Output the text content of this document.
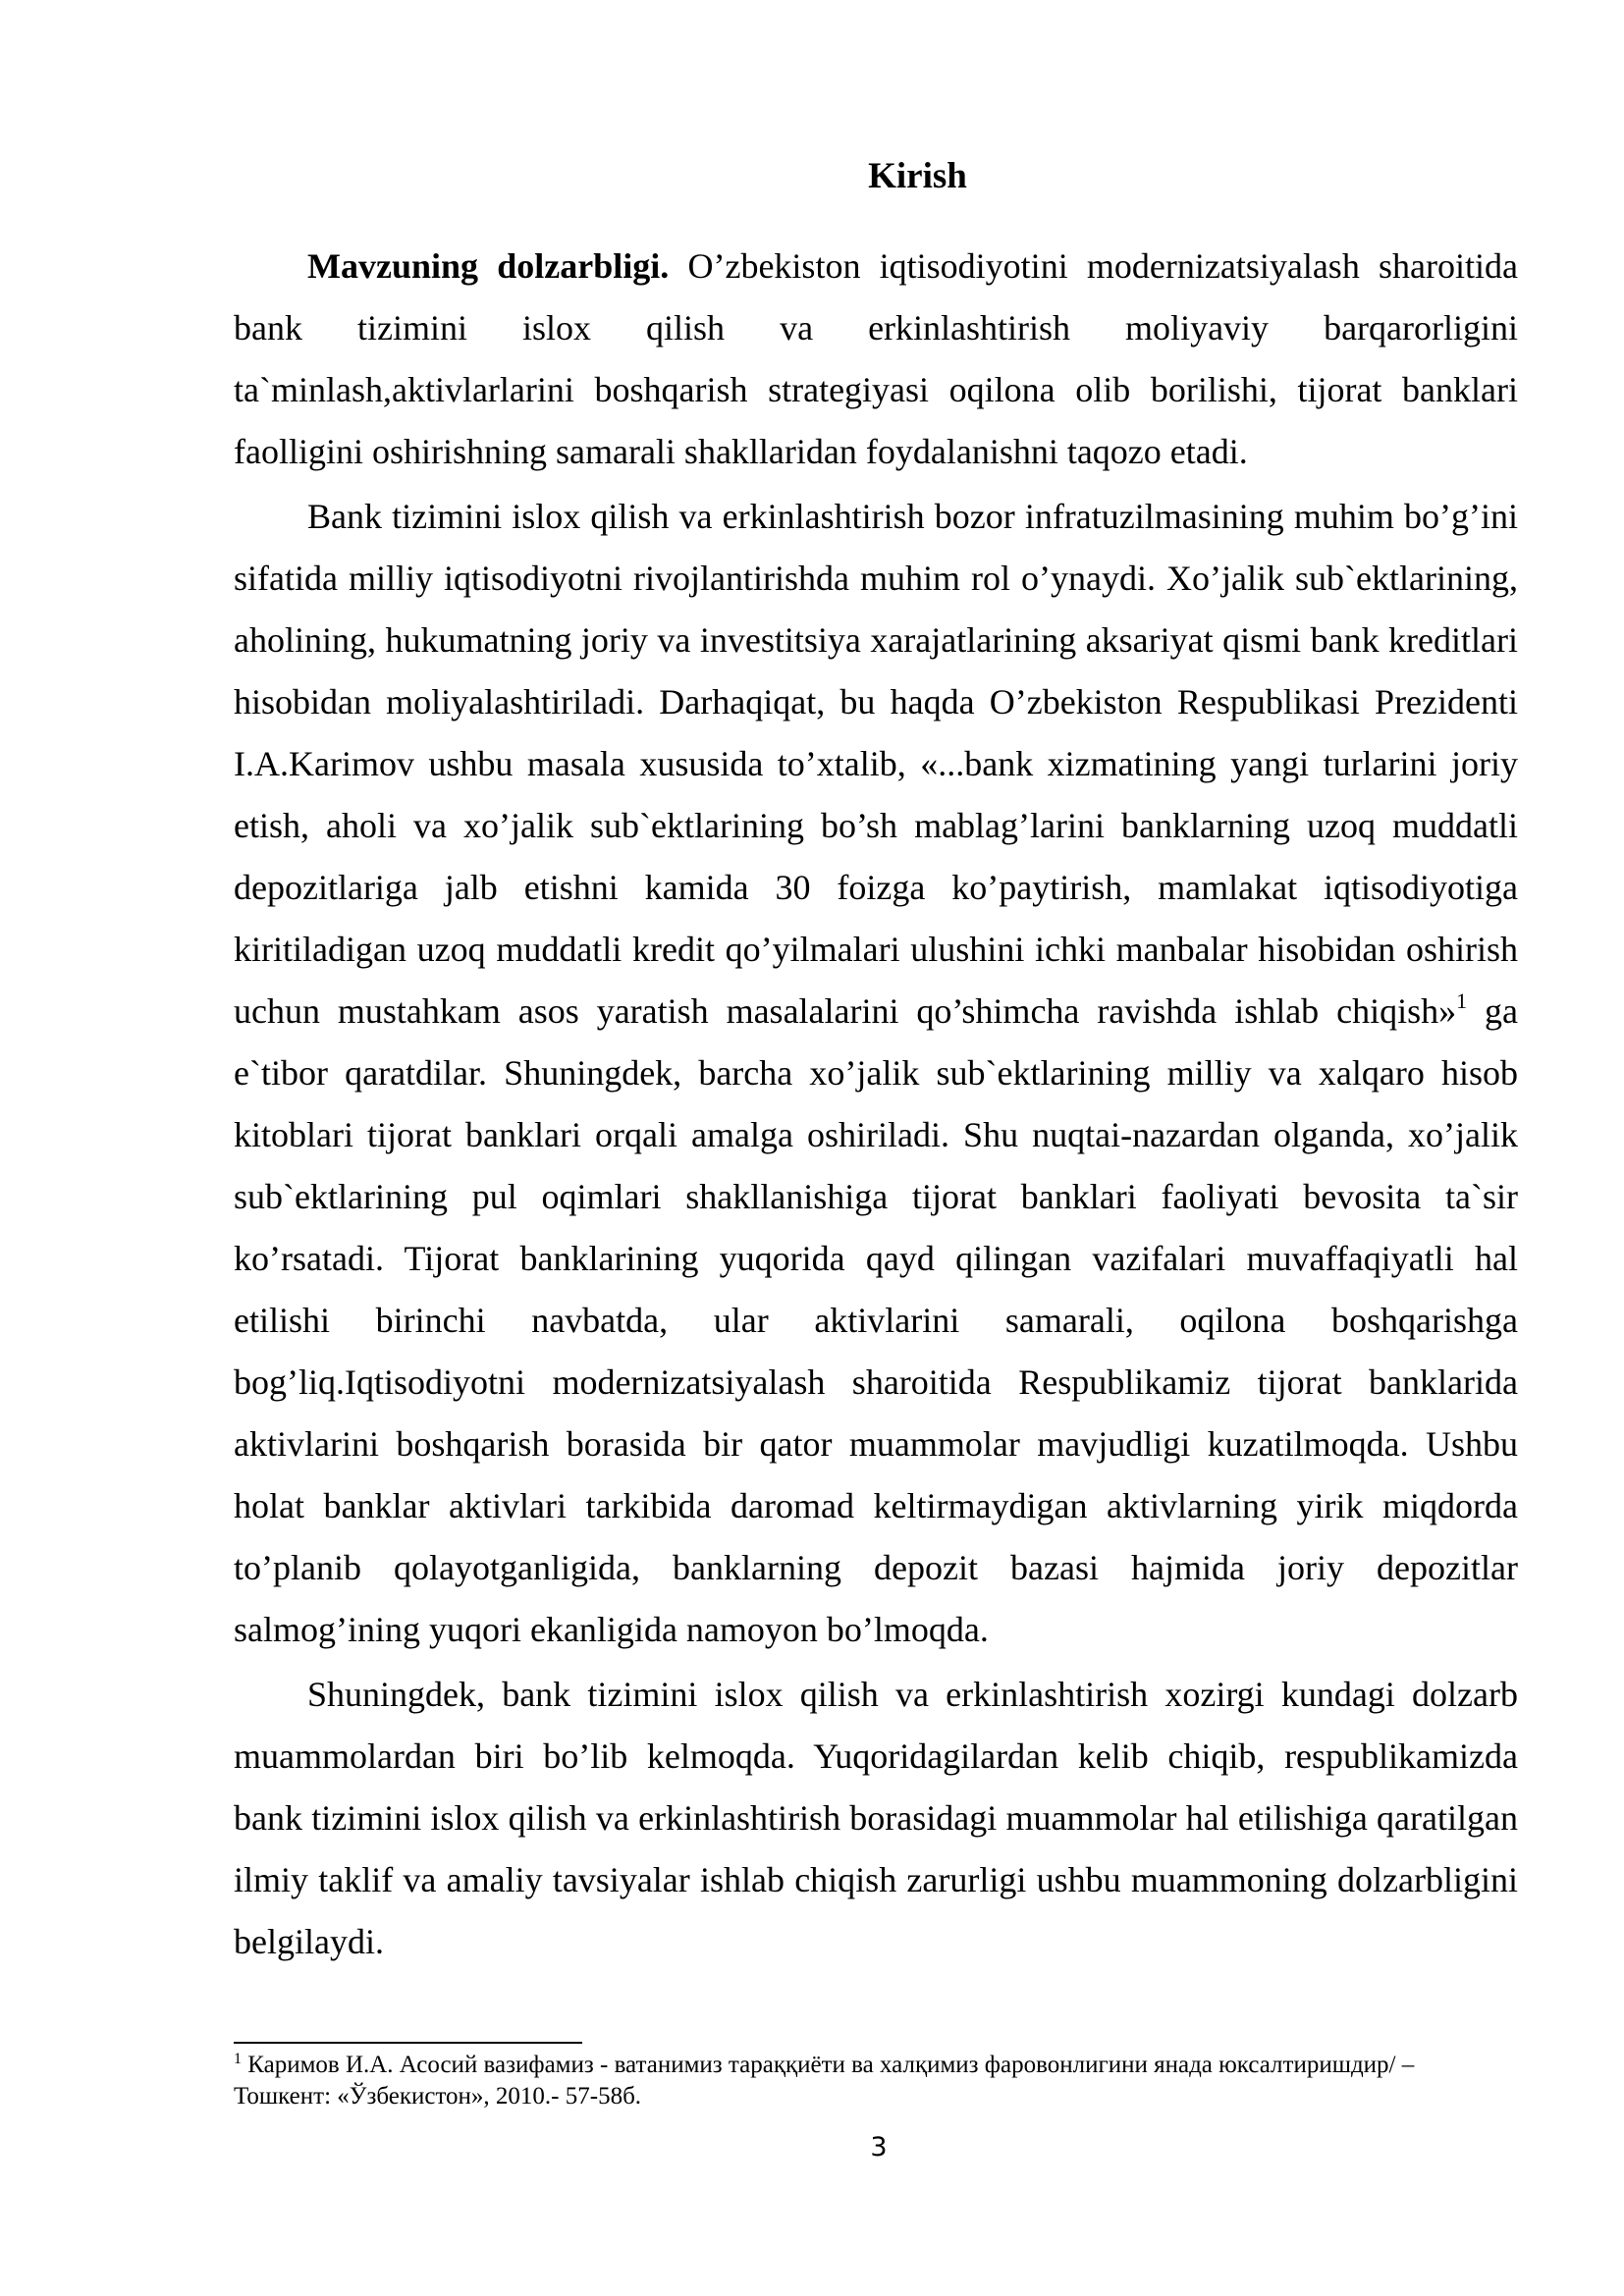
Kirish

Mavzuning dolzarbligi. O’zbekiston iqtisodiyotini modernizatsiyalash sharoitida bank tizimini islox qilish va erkinlashtirish moliyaviy barqarorligini ta`minlash,aktivlarlarini boshqarish strategiyasi oqilona olib borilishi, tijorat banklari faolligini oshirishning samarali shakllaridan foydalanishni taqozo etadi.

Bank tizimini islox qilish va erkinlashtirish bozor infratuzilmasining muhim bo’g’ini sifatida milliy iqtisodiyotni rivojlantirishda muhim rol o’ynaydi. Xo’jalik sub`ektlarining, aholining, hukumatning joriy va investitsiya xarajatlarining aksariyat qismi bank kreditlari hisobidan moliyalashtiriladi. Darhaqiqat, bu haqda O’zbekiston Respublikasi Prezidenti I.A.Karimov ushbu masala xususida to’xtalib, «...bank xizmatining yangi turlarini joriy etish, aholi va xo’jalik sub`ektlarining bo’sh mablag’larini banklarning uzoq muddatli depozitlariga jalb etishni kamida 30 foizga ko’paytirish, mamlakat iqtisodiyotiga kiritiladigan uzoq muddatli kredit qo’yilmalari ulushini ichki manbalar hisobidan oshirish uchun mustahkam asos yaratish masalalarini qo’shimcha ravishda ishlab chiqish»$^1$ ga e`tibor qaratdilar. Shuningdek, barcha xo’jalik sub`ektlarining milliy va xalqaro hisob kitoblari tijorat banklari orqali amalga oshiriladi. Shu nuqtai-nazardan olganda, xo’jalik sub`ektlarining pul oqimlari shakllanishiga tijorat banklari faoliyati bevosita ta`sir ko’rsatadi. Tijorat banklarining yuqorida qayd qilingan vazifalari muvaffaqiyatli hal etilishi birinchi navbatda, ular aktivlarini samarali, oqilona boshqarishga bog’liq.Iqtisodiyotni modernizatsiyalash sharoitida Respublikamiz tijorat banklarida aktivlarini boshqarish borasida bir qator muammolar mavjudligi kuzatilmoqda. Ushbu holat banklar aktivlari tarkibida daromad keltirmaydigan aktivlarning yirik miqdorda to’planib qolayotganligida, banklarning depozit bazasi hajmida joriy depozitlar salmog’ining yuqori ekanligida namoyon bo’lmoqda.

Shuningdek, bank tizimini islox qilish va erkinlashtirish xozirgi kundagi dolzarb muammolardan biri bo’lib kelmoqda. Yuqoridagilardan kelib chiqib, respublikamizda bank tizimini islox qilish va erkinlashtirish borasidagi muammolar hal etilishiga qaratilgan ilmiy taklif va amaliy tavsiyalar ishlab chiqish zarurligi ushbu muammoning dolzarbligini belgilaydi.

$^1$ Каримов И.А. Асосий вазифамиз - ватанимиз тараққиёти ва халқимиз фаровонлигини янада юксалтиришдир/ –Тошкент: «Ўзбекистон», 2010.- 57-58б.
3
